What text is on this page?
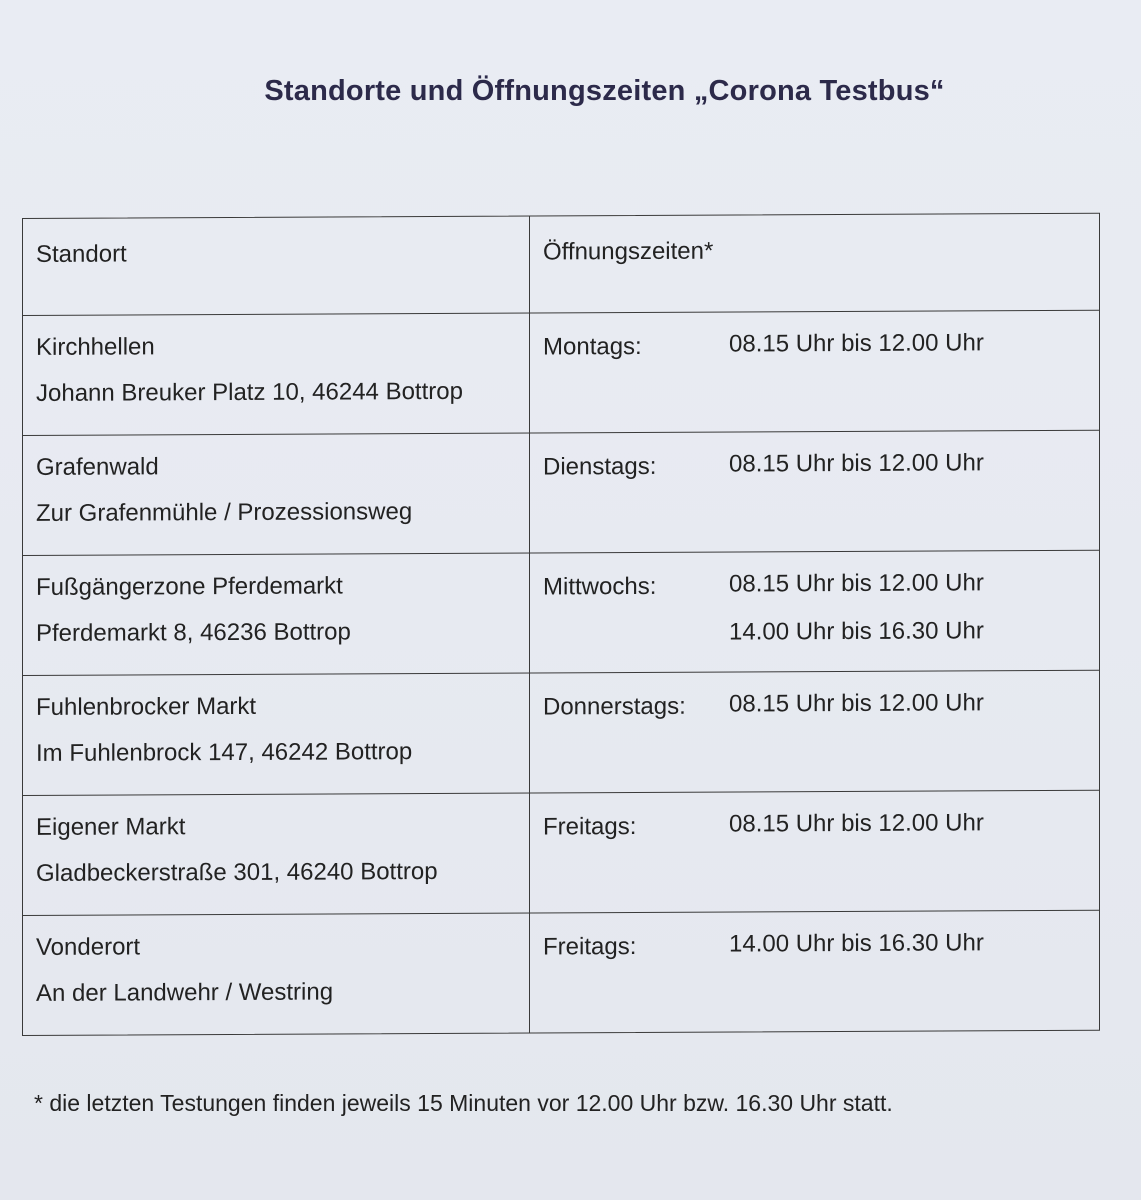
Standorte und Öffnungszeiten „Corona Testbus“
Standort	Öffnungszeiten*
Kirchhellen
Johann Breuker Platz 10, 46244 Bottrop
Montags:	08.15 Uhr bis 12.00 Uhr
Grafenwald
Zur Grafenmühle / Prozessionsweg
Dienstags:	08.15 Uhr bis 12.00 Uhr
Fußgängerzone Pferdemarkt
Pferdemarkt 8, 46236 Bottrop
Mittwochs:	08.15 Uhr bis 12.00 Uhr
14.00 Uhr bis 16.30 Uhr
Fuhlenbrocker Markt
Im Fuhlenbrock 147, 46242 Bottrop
Donnerstags: 08.15 Uhr bis 12.00 Uhr
Eigener Markt
Gladbeckerstraße 301, 46240 Bottrop
Freitags:	08.15 Uhr bis 12.00 Uhr
Vonderort
An der Landwehr / Westring
Freitags:	14.00 Uhr bis 16.30 Uhr
* die letzten Testungen finden jeweils 15 Minuten vor 12.00 Uhr bzw. 16.30 Uhr statt.
